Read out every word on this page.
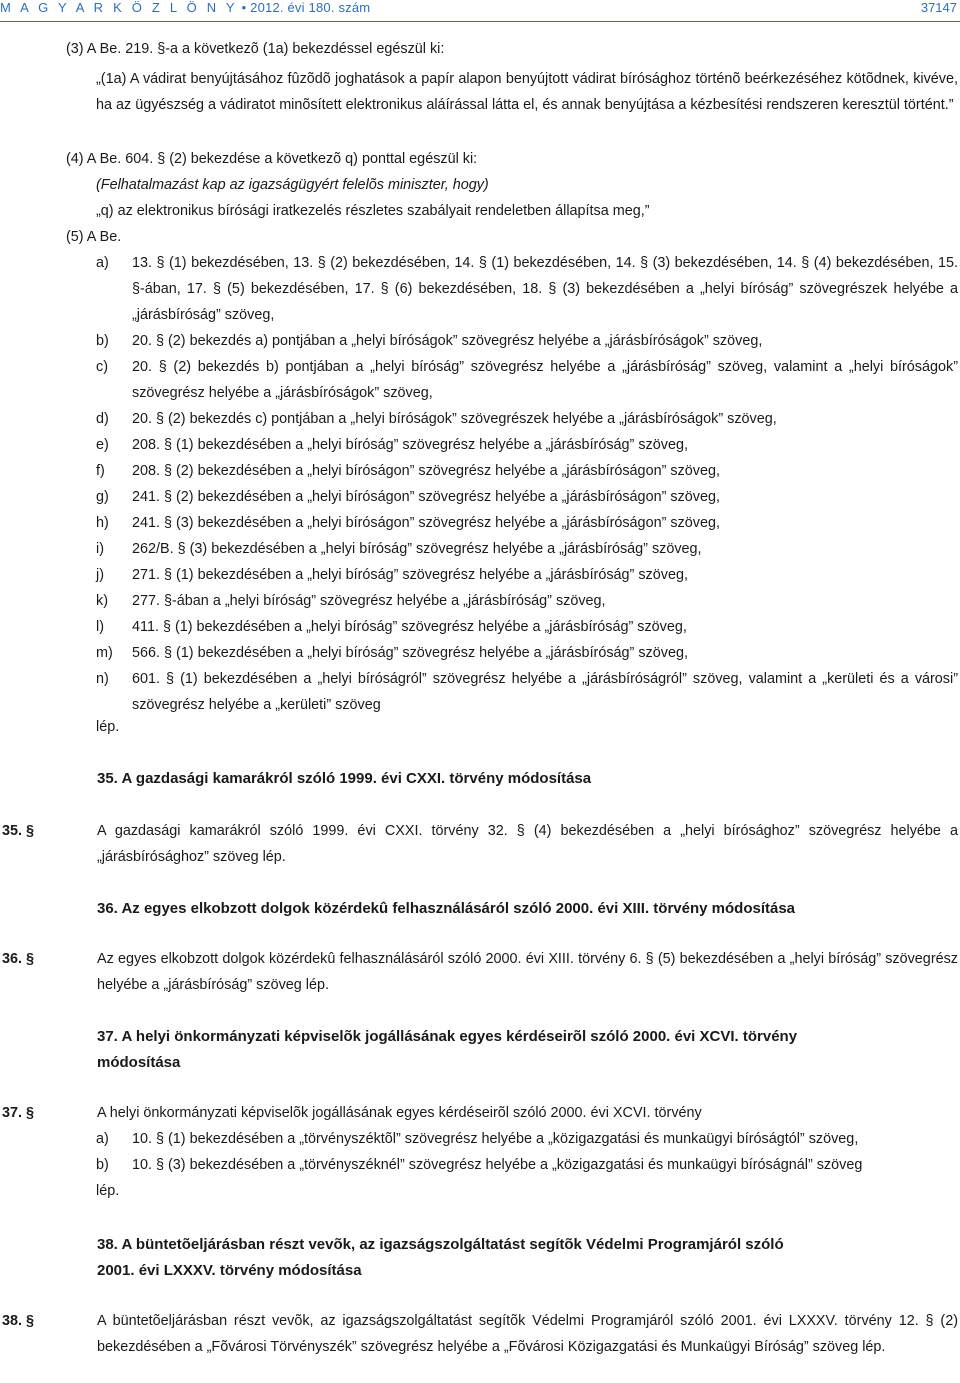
M A G Y A R K Ö Z L Ö N Y • 2012. évi 180. szám	37147
(3) A Be. 219. §-a a következõ (1a) bekezdéssel egészül ki:
„(1a) A vádirat benyújtásához fûzõdõ joghatások a papír alapon benyújtott vádirat bírósághoz történõ beérkezéséhez kötõdnek, kivéve, ha az ügyészség a vádiratot minõsített elektronikus aláírással látta el, és annak benyújtása a kézbesítési rendszeren keresztül történt.”
(4) A Be. 604. § (2) bekezdése a következõ q) ponttal egészül ki:
(Felhatalmazást kap az igazságügyért felelõs miniszter, hogy)
„q) az elektronikus bírósági iratkezelés részletes szabályait rendeletben állapítsa meg,”
(5) A Be.
a) 13. § (1) bekezdésében, 13. § (2) bekezdésében, 14. § (1) bekezdésében, 14. § (3) bekezdésében, 14. § (4) bekezdésében, 15. §-ában, 17. § (5) bekezdésében, 17. § (6) bekezdésében, 18. § (3) bekezdésében a „helyi bíróság” szövegrészek helyébe a „járásbíróság” szöveg,
b) 20. § (2) bekezdés a) pontjában a „helyi bíróságok” szövegrész helyébe a „járásbíróságok” szöveg,
c) 20. § (2) bekezdés b) pontjában a „helyi bíróság” szövegrész helyébe a „járásbíróság” szöveg, valamint a „helyi bíróságok” szövegrész helyébe a „járásbíróságok” szöveg,
d) 20. § (2) bekezdés c) pontjában a „helyi bíróságok” szövegrészek helyébe a „járásbíróságok” szöveg,
e) 208. § (1) bekezdésében a „helyi bíróság” szövegrész helyébe a „járásbíróság” szöveg,
f) 208. § (2) bekezdésében a „helyi bíróságon” szövegrész helyébe a „járásbíróságon” szöveg,
g) 241. § (2) bekezdésében a „helyi bíróságon” szövegrész helyébe a „járásbíróságon” szöveg,
h) 241. § (3) bekezdésében a „helyi bíróságon” szövegrész helyébe a „járásbíróságon” szöveg,
i) 262/B. § (3) bekezdésében a „helyi bíróság” szövegrész helyébe a „járásbíróság” szöveg,
j) 271. § (1) bekezdésében a „helyi bíróság” szövegrész helyébe a „járásbíróság” szöveg,
k) 277. §-ában a „helyi bíróság” szövegrész helyébe a „járásbíróság” szöveg,
l) 411. § (1) bekezdésében a „helyi bíróság” szövegrész helyébe a „járásbíróság” szöveg,
m) 566. § (1) bekezdésében a „helyi bíróság” szövegrész helyébe a „járásbíróság” szöveg,
n) 601. § (1) bekezdésében a „helyi bíróságról” szövegrész helyébe a „járásbíróságról” szöveg, valamint a „kerületi és a városi” szövegrész helyébe a „kerületi” szöveg
lép.
35. A gazdasági kamarákról szóló 1999. évi CXXI. törvény módosítása
35. §	A gazdasági kamarákról szóló 1999. évi CXXI. törvény 32. § (4) bekezdésében a „helyi bírósághoz” szövegrész helyébe a „járásbírósághoz” szöveg lép.
36. Az egyes elkobzott dolgok közérdekû felhasználásáról szóló 2000. évi XIII. törvény módosítása
36. §	Az egyes elkobzott dolgok közérdekû felhasználásáról szóló 2000. évi XIII. törvény 6. § (5) bekezdésében a „helyi bíróság” szövegrész helyébe a „járásbíróság” szöveg lép.
37. A helyi önkormányzati képviselõk jogállásának egyes kérdéseirõl szóló 2000. évi XCVI. törvény
módosítása
37. §	A helyi önkormányzati képviselõk jogállásának egyes kérdéseirõl szóló 2000. évi XCVI. törvény
a) 10. § (1) bekezdésében a „törvényszéktõl” szövegrész helyébe a „közigazgatási és munkaügyi bíróságtól” szöveg,
b) 10. § (3) bekezdésében a „törvényszéknél” szövegrész helyébe a „közigazgatási és munkaügyi bíróságnál” szöveg
lép.
38. A büntetõeljárásban részt vevõk, az igazságszolgáltatást segítõk Védelmi Programjáról szóló
2001. évi LXXXV. törvény módosítása
38. §	A büntetõeljárásban részt vevõk, az igazságszolgáltatást segítõk Védelmi Programjáról szóló 2001. évi LXXXV. törvény 12. § (2) bekezdésében a „Fõvárosi Törvényszék” szövegrész helyébe a „Fõvárosi Közigazgatási és Munkaügyi Bíróság” szöveg lép.
